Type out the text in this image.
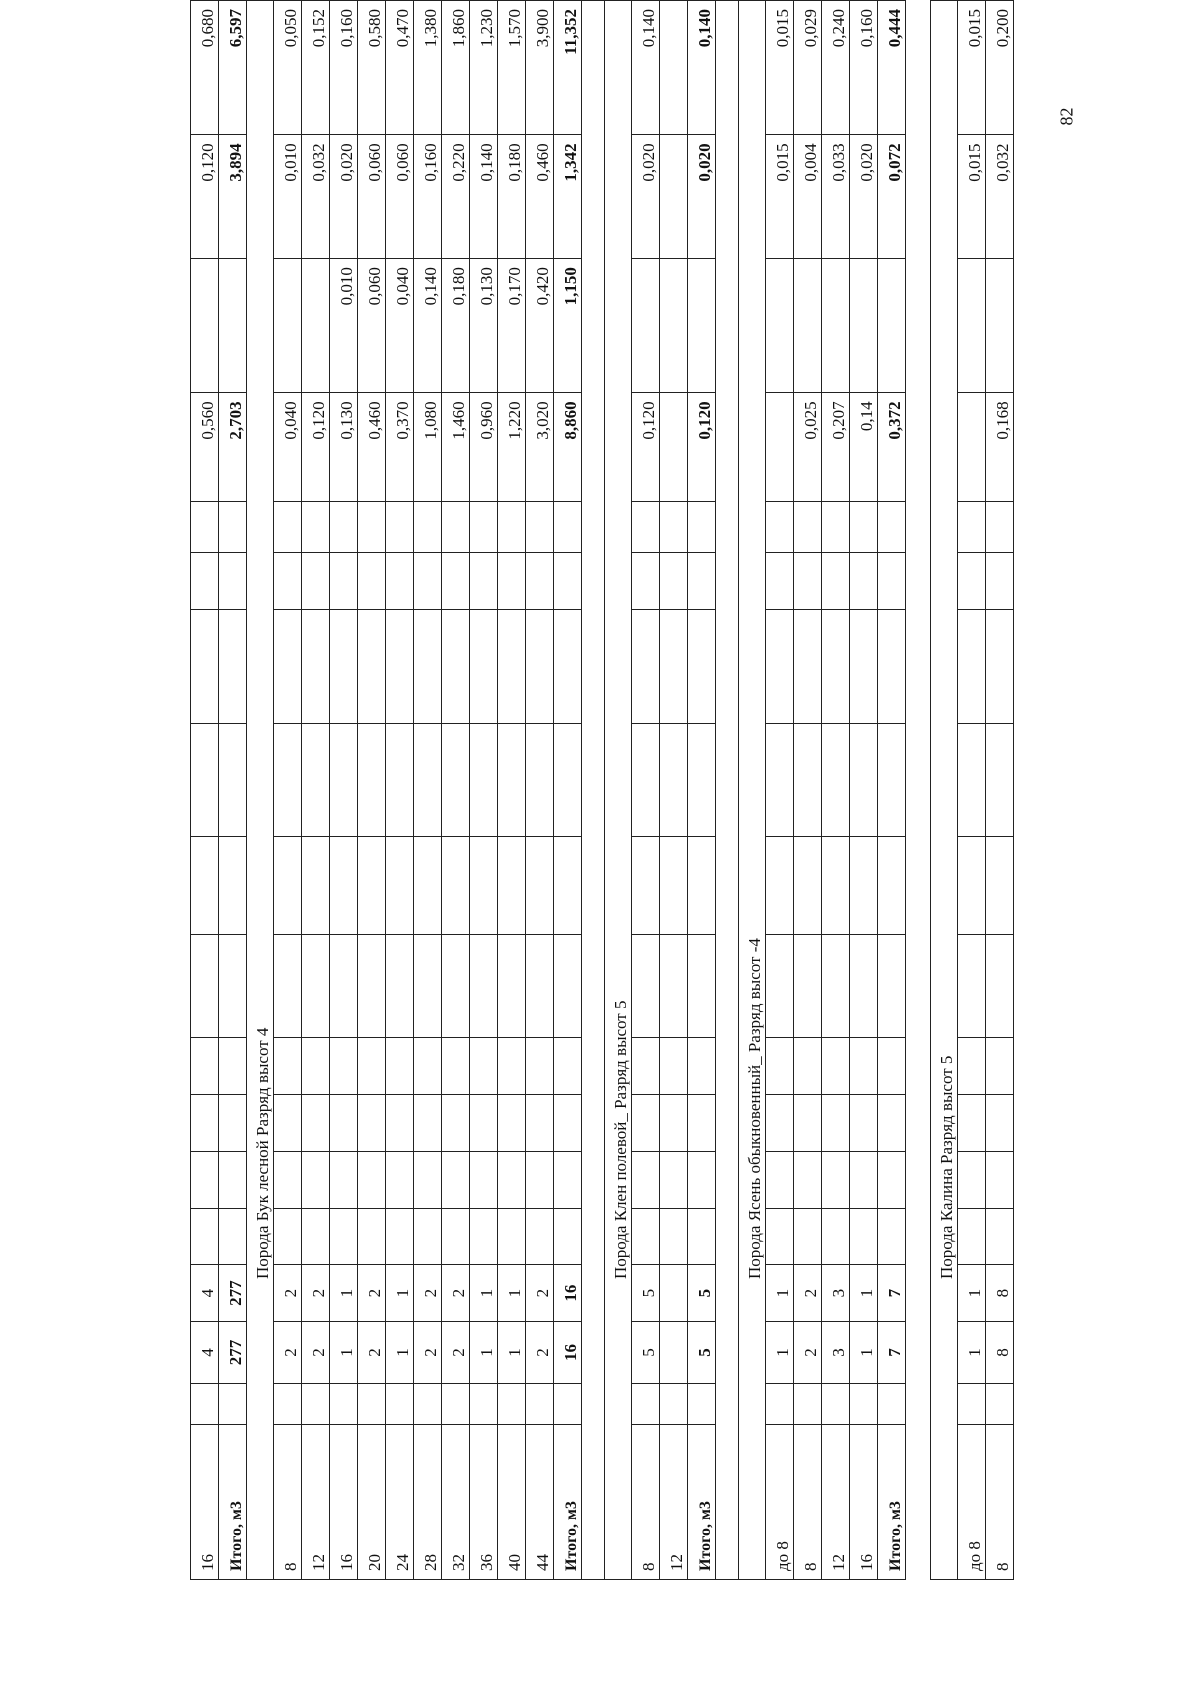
82
16		4	4											0,560		0,120	0,680
Итого, м3		277	277											2,703		3,894	6,597
Порода Бук лесной Разряд высот 4																	
8		2	2											0,040		0,010	0,050
12		2	2											0,120		0,032	0,152
16		1	1											0,130	0,010	0,020	0,160
20		2	2											0,460	0,060	0,060	0,580
24		1	1											0,370	0,040	0,060	0,470
28		2	2											1,080	0,140	0,160	1,380
32		2	2											1,460	0,180	0,220	1,860
36		1	1											0,960	0,130	0,140	1,230
40		1	1											1,220	0,170	0,180	1,570
44		2	2											3,020	0,420	0,460	3,900
Итого, м3		16	16											8,860	1,150	1,342	11,352

Порода Клен полевой_ Разряд высот 5																	
8		5	5											0,120		0,020	0,140
12																	
Итого, м3		5	5											0,120		0,020	0,140

Порода Ясень обыкновенный_ Разряд высот -4																	
до 8		1	1													0,015	0,015
8		2	2											0,025		0,004	0,029
12		3	3											0,207		0,033	0,240
16		1	1											0,14		0,020	0,160
Итого, м3		7	7											0,372		0,072	0,444
Порода Калина Разряд высот 5																	
до 8		1	1													0,015	0,015
8		8	8											0,168		0,032	0,200
